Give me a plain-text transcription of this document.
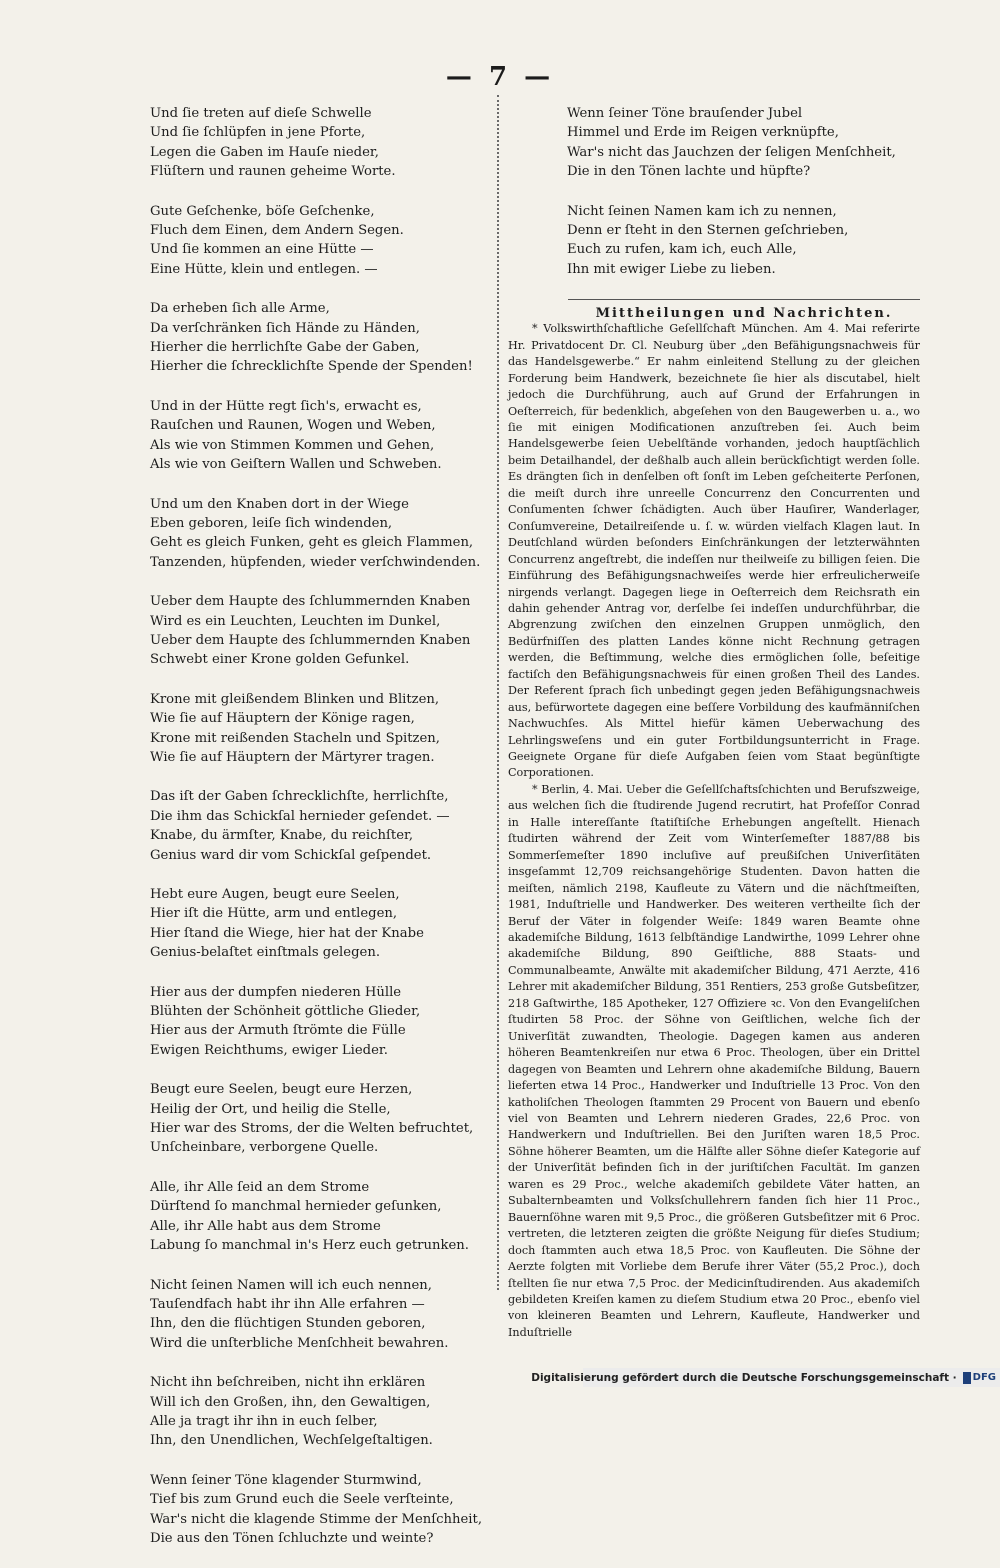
— 7 —
Und ſie treten auf dieſe Schwelle
Und ſie ſchlüpfen in jene Pforte,
Legen die Gaben im Hauſe nieder,
Flüſtern und raunen geheime Worte.
Gute Geſchenke, böſe Geſchenke,
Fluch dem Einen, dem Andern Segen.
Und ſie kommen an eine Hütte —
Eine Hütte, klein und entlegen. —
Da erheben ſich alle Arme,
Da verſchränken ſich Hände zu Händen,
Hierher die herrlichſte Gabe der Gaben,
Hierher die ſchrecklichſte Spende der Spenden!
Und in der Hütte regt ſich's, erwacht es,
Rauſchen und Raunen, Wogen und Weben,
Als wie von Stimmen Kommen und Gehen,
Als wie von Geiſtern Wallen und Schweben.
Und um den Knaben dort in der Wiege
Eben geboren, leiſe ſich windenden,
Geht es gleich Funken, geht es gleich Flammen,
Tanzenden, hüpfenden, wieder verſchwindenden.
Ueber dem Haupte des ſchlummernden Knaben
Wird es ein Leuchten, Leuchten im Dunkel,
Ueber dem Haupte des ſchlummernden Knaben
Schwebt einer Krone golden Gefunkel.
Krone mit gleißendem Blinken und Blitzen,
Wie ſie auf Häuptern der Könige ragen,
Krone mit reißenden Stacheln und Spitzen,
Wie ſie auf Häuptern der Märtyrer tragen.
Das iſt der Gaben ſchrecklichſte, herrlichſte,
Die ihm das Schickſal hernieder geſendet. —
Knabe, du ärmſter, Knabe, du reichſter,
Genius ward dir vom Schickſal geſpendet.
Hebt eure Augen, beugt eure Seelen,
Hier iſt die Hütte, arm und entlegen,
Hier ſtand die Wiege, hier hat der Knabe
Genius-belaſtet einſtmals gelegen.
Hier aus der dumpfen niederen Hülle
Blühten der Schönheit göttliche Glieder,
Hier aus der Armuth ſtrömte die Fülle
Ewigen Reichthums, ewiger Lieder.
Beugt eure Seelen, beugt eure Herzen,
Heilig der Ort, und heilig die Stelle,
Hier war des Stroms, der die Welten befruchtet,
Unſcheinbare, verborgene Quelle.
Alle, ihr Alle ſeid an dem Strome
Dürſtend ſo manchmal hernieder geſunken,
Alle, ihr Alle habt aus dem Strome
Labung ſo manchmal in's Herz euch getrunken.
Nicht ſeinen Namen will ich euch nennen,
Tauſendfach habt ihr ihn Alle erfahren —
Ihn, den die flüchtigen Stunden geboren,
Wird die unſterbliche Menſchheit bewahren.
Nicht ihn beſchreiben, nicht ihn erklären
Will ich den Großen, ihn, den Gewaltigen,
Alle ja tragt ihr ihn in euch ſelber,
Ihn, den Unendlichen, Wechſelgeſtaltigen.
Wenn ſeiner Töne klagender Sturmwind,
Tief bis zum Grund euch die Seele verſteinte,
War's nicht die klagende Stimme der Menſchheit,
Die aus den Tönen ſchluchzte und weinte?
Wenn ſeiner Töne brauſender Jubel
Himmel und Erde im Reigen verknüpfte,
War's nicht das Jauchzen der ſeligen Menſchheit,
Die in den Tönen lachte und hüpfte?
Nicht ſeinen Namen kam ich zu nennen,
Denn er ſteht in den Sternen geſchrieben,
Euch zu rufen, kam ich, euch Alle,
Ihn mit ewiger Liebe zu lieben.
Mittheilungen und Nachrichten.

* Volkswirthſchaftliche Geſellſchaft München. Am 4. Mai referirte Hr. Privatdocent Dr. Cl. Neuburg über „den Befähigungsnachweis für das Handelsgewerbe.“ Er nahm einleitend Stellung zu der gleichen Forderung beim Handwerk, bezeichnete ſie hier als discutabel, hielt jedoch die Durchführung, auch auf Grund der Erfahrungen in Oeſterreich, für bedenklich, abgeſehen von den Baugewerben u. a., wo ſie mit einigen Modificationen anzuſtreben ſei. Auch beim Handelsgewerbe ſeien Uebelſtände vorhanden, jedoch hauptſächlich beim Detailhandel, der deßhalb auch allein berückſichtigt werden ſolle. Es drängten ſich in denſelben oft ſonſt im Leben geſcheiterte Perſonen, die meiſt durch ihre unreelle Concurrenz den Concurrenten und Conſumenten ſchwer ſchädigten. Auch über Hauſirer, Wanderlager, Conſumvereine, Detailreiſende u. ſ. w. würden vielfach Klagen laut. In Deutſchland würden beſonders Einſchränkungen der letzterwähnten Concurrenz angeſtrebt, die indeſſen nur theilweiſe zu billigen ſeien. Die Einführung des Befähigungsnachweiſes werde hier erfreulicherweiſe nirgends verlangt. Dagegen liege in Oeſterreich dem Reichsrath ein dahin gehender Antrag vor, derſelbe ſei indeſſen undurchführbar, die Abgrenzung zwiſchen den einzelnen Gruppen unmöglich, den Bedürfniſſen des platten Landes könne nicht Rechnung getragen werden, die Beſtimmung, welche dies ermöglichen ſolle, beſeitige factiſch den Befähigungsnachweis für einen großen Theil des Landes. Der Referent ſprach ſich unbedingt gegen jeden Befähigungsnachweis aus, befürwortete dagegen eine beſſere Vorbildung des kaufmänniſchen Nachwuchſes. Als Mittel hiefür kämen Ueberwachung des Lehrlingsweſens und ein guter Fortbildungsunterricht in Frage. Geeignete Organe für dieſe Aufgaben ſeien vom Staat begünſtigte Corporationen.

* Berlin, 4. Mai. Ueber die Geſellſchaftsſchichten und Berufszweige, aus welchen ſich die ſtudirende Jugend recrutirt, hat Profeſſor Conrad in Halle intereſſante ſtatiſtiſche Erhebungen angeſtellt. Hienach ſtudirten während der Zeit vom Winterſemeſter 1887/88 bis Sommerſemeſter 1890 incluſive auf preußiſchen Univerſitäten insgeſammt 12,709 reichsangehörige Studenten. Davon hatten die meiſten, nämlich 2198, Kaufleute zu Vätern und die nächſtmeiſten, 1981, Induſtrielle und Handwerker. Des weiteren vertheilte ſich der Beruf der Väter in folgender Weiſe: 1849 waren Beamte ohne akademiſche Bildung, 1613 ſelbſtändige Landwirthe, 1099 Lehrer ohne akademiſche Bildung, 890 Geiſtliche, 888 Staats- und Communalbeamte, Anwälte mit akademiſcher Bildung, 471 Aerzte, 416 Lehrer mit akademiſcher Bildung, 351 Rentiers, 253 große Gutsbeſitzer, 218 Gaſtwirthe, 185 Apotheker, 127 Offiziere ꝛc. Von den Evangeliſchen ſtudirten 58 Proc. der Söhne von Geiſtlichen, welche ſich der Univerſität zuwandten, Theologie. Dagegen kamen aus anderen höheren Beamtenkreiſen nur etwa 6 Proc. Theologen, über ein Drittel dagegen von Beamten und Lehrern ohne akademiſche Bildung, Bauern lieferten etwa 14 Proc., Handwerker und Induſtrielle 13 Proc. Von den katholiſchen Theologen ſtammten 29 Procent von Bauern und ebenſo viel von Beamten und Lehrern niederen Grades, 22,6 Proc. von Handwerkern und Induſtriellen. Bei den Juriſten waren 18,5 Proc. Söhne höherer Beamten, um die Hälfte aller Söhne dieſer Kategorie auf der Univerſität befinden ſich in der juriſtiſchen Facultät. Im ganzen waren es 29 Proc., welche akademiſch gebildete Väter hatten, an Subalternbeamten und Volksſchullehrern fanden ſich hier 11 Proc., Bauernſöhne waren mit 9,5 Proc., die größeren Gutsbeſitzer mit 6 Proc. vertreten, die letzteren zeigten die größte Neigung für dieſes Studium; doch ſtammten auch etwa 18,5 Proc. von Kaufleuten. Die Söhne der Aerzte folgten mit Vorliebe dem Berufe ihrer Väter (55,2 Proc.), doch ſtellten ſie nur etwa 7,5 Proc. der Medicinſtudirenden. Aus akademiſch gebildeten Kreiſen kamen zu dieſem Studium etwa 20 Proc., ebenſo viel von kleineren Beamten und Lehrern, Kaufleute, Handwerker und Induſtrielle

Digitalisierung gefördert durch die Deutsche Forschungsgemeinschaft ·	DFG
